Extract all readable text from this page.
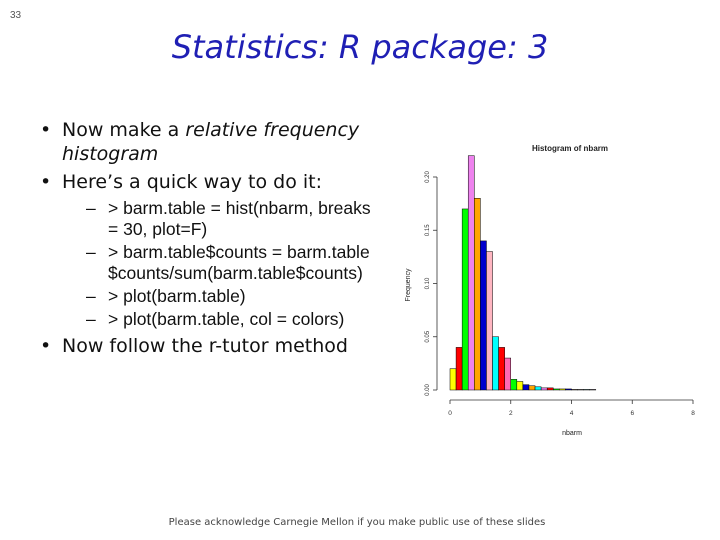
33
Statistics: R package: 3
• Now make a relative frequency histogram
• Here’s a quick way to do it:
– > barm.table = hist(nbarm, breaks = 30, plot=F)
– > barm.table$counts = barm.table$counts/sum(barm.table$counts)
– > plot(barm.table)
– > plot(barm.table, col = colors)
• Now follow the r-tutor method
Histogram of nbarm
Frequency
nbarm
0.00
0.05
0.10
0.15
0.20
0	2	4	6	8
Please acknowledge Carnegie Mellon if you make public use of these slides
